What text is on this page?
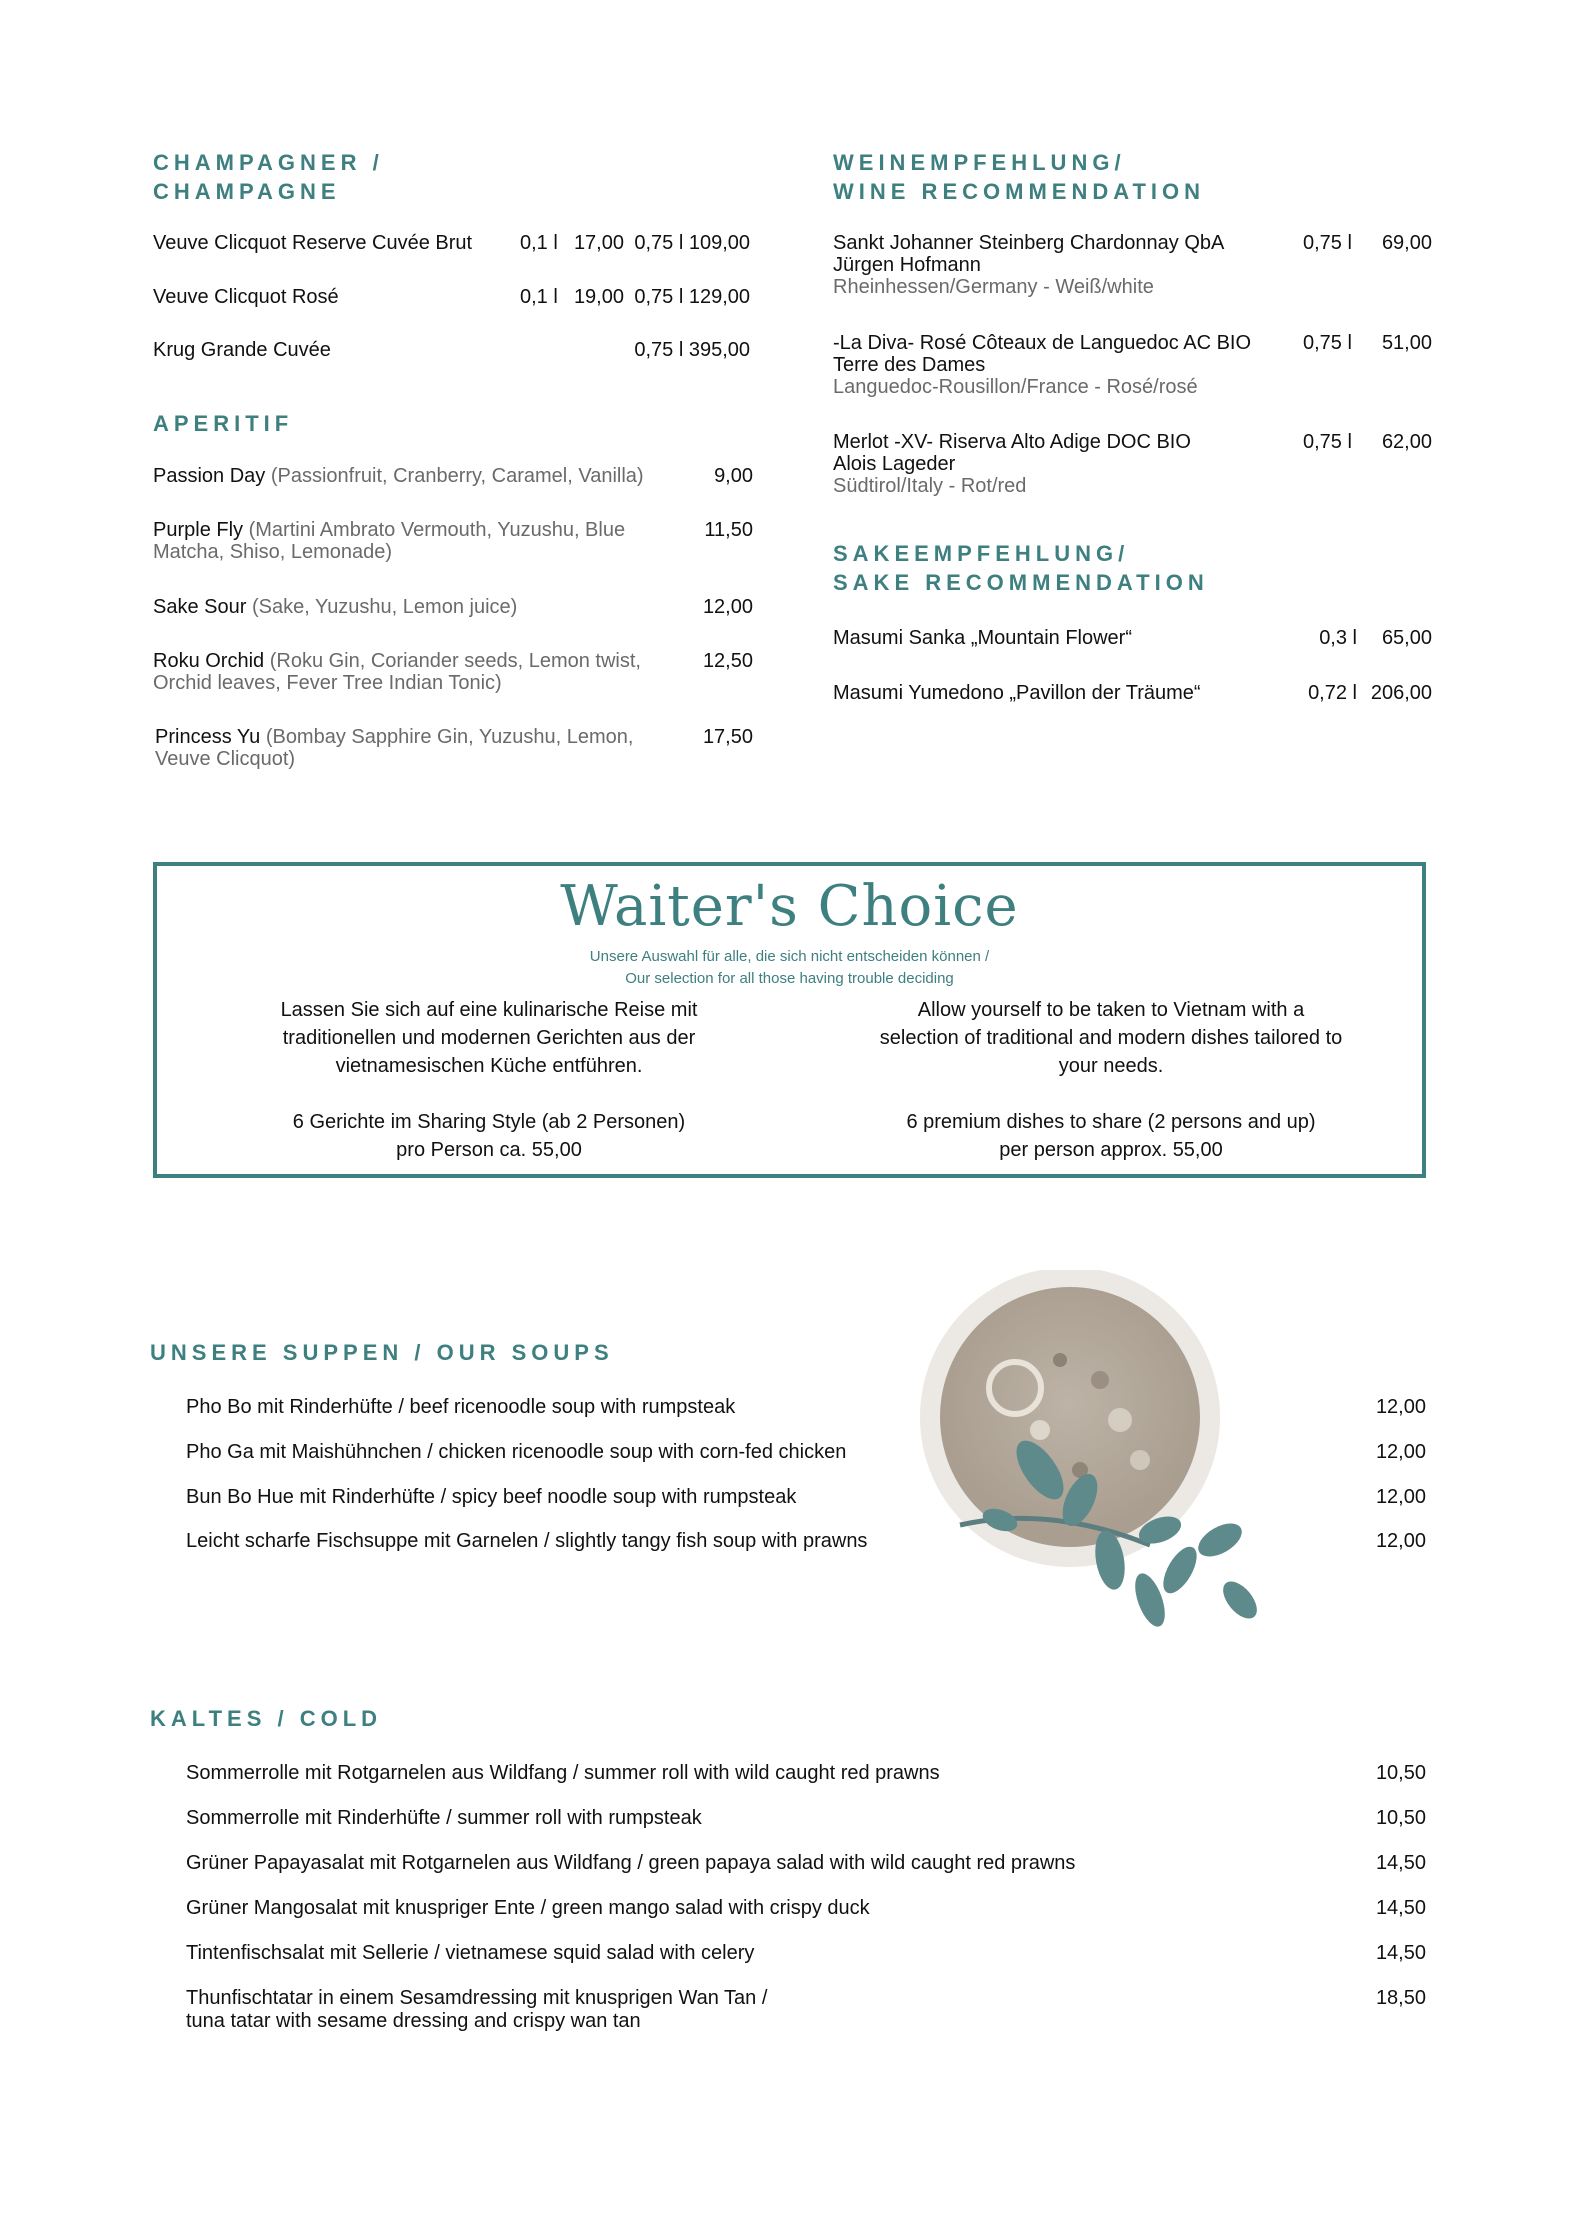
CHAMPAGNER /
CHAMPAGNE
Veuve Clicquot Reserve Cuvée Brut 0,1 l 17,00 0,75 l 109,00
Veuve Clicquot Rosé	0,1 l 19,00 0,75 l 129,00
Krug Grande Cuvée	0,75 l 395,00
APERITIF
Passion Day (Passionfruit, Cranberry, Caramel, Vanilla)	9,00
Purple Fly (Martini Ambrato Vermouth, Yuzushu, Blue Matcha, Shiso, Lemonade)
11,50
Sake Sour (Sake, Yuzushu, Lemon juice)	12,00
Roku Orchid (Roku Gin, Coriander seeds, Lemon twist, Orchid leaves, Fever Tree Indian Tonic)
12,50
Princess Yu (Bombay Sapphire Gin, Yuzushu, Lemon, Veuve Clicquot)
17,50
WEINEMPFEHLUNG/
WINE RECOMMENDATION
Sankt Johanner Steinberg Chardonnay QbA
Jürgen Hofmann
Rheinhessen/Germany - Weiß/white
0,75 l	69,00
-La Diva- Rosé Côteaux de Languedoc AC BIO
Terre des Dames
Languedoc-Rousillon/France - Rosé/rosé
0,75 l	51,00
Merlot -XV- Riserva Alto Adige DOC BIO
Alois Lageder
Südtirol/Italy - Rot/red
0,75 l	62,00
SAKEEMPFEHLUNG/
SAKE RECOMMENDATION
Masumi Sanka „Mountain Flower“	0,3 l	65,00
Masumi Yumedono „Pavillon der Träume“	0,72 l 206,00
Waiter's Choice
Unsere Auswahl für alle, die sich nicht entscheiden können /
Our selection for all those having trouble deciding

Lassen Sie sich auf eine kulinarische Reise mit traditionellen und modernen Gerichten aus der vietnamesischen Küche entführen.

6 Gerichte im Sharing Style (ab 2 Personen)
pro Person ca. 55,00

Allow yourself to be taken to Vietnam with a selection of traditional and modern dishes tailored to your needs.

6 premium dishes to share (2 persons and up)
per person approx. 55,00

UNSERE SUPPEN / OUR SOUPS
Pho Bo mit Rinderhüfte / beef ricenoodle soup with rumpsteak	12,00
Pho Ga mit Maishühnchen / chicken ricenoodle soup with corn-fed chicken	12,00
Bun Bo Hue mit Rinderhüfte / spicy beef noodle soup with rumpsteak	12,00
Leicht scharfe Fischsuppe mit Garnelen / slightly tangy fish soup with prawns	12,00
KALTES / COLD
Sommerrolle mit Rotgarnelen aus Wildfang / summer roll with wild caught red prawns	10,50
Sommerrolle mit Rinderhüfte / summer roll with rumpsteak	10,50
Grüner Papayasalat mit Rotgarnelen aus Wildfang / green papaya salad with wild caught red prawns	14,50
Grüner Mangosalat mit knuspriger Ente / green mango salad with crispy duck	14,50
Tintenfischsalat mit Sellerie / vietnamese squid salad with celery	14,50
Thunfischtatar in einem Sesamdressing mit knusprigen Wan Tan /
tuna tatar with sesame dressing and crispy wan tan
18,50
